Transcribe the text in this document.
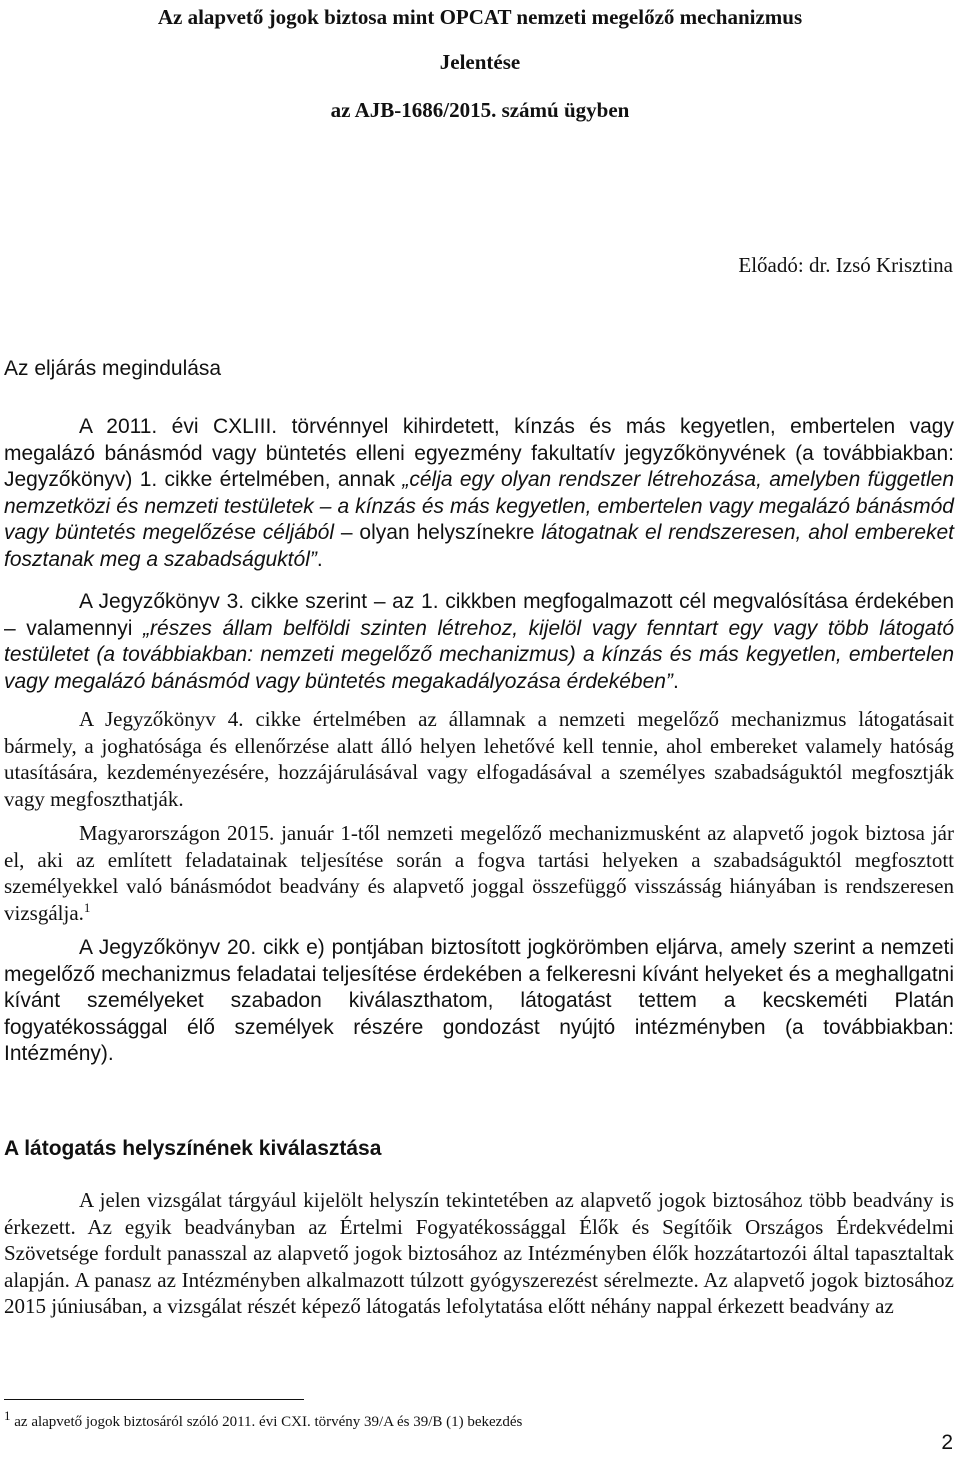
Az alapvető jogok biztosa mint OPCAT nemzeti megelőző mechanizmus
Jelentése
az AJB-1686/2015. számú ügyben
Előadó: dr. Izsó Krisztina
Az eljárás megindulása

A 2011. évi CXLIII. törvénnyel kihirdetett, kínzás és más kegyetlen, embertelen vagy megalázó bánásmód vagy büntetés elleni egyezmény fakultatív jegyzőkönyvének (a továbbiakban: Jegyzőkönyv) 1. cikke értelmében, annak „célja egy olyan rendszer létrehozása, amelyben független nemzetközi és nemzeti testületek – a kínzás és más kegyetlen, embertelen vagy megalázó bánásmód vagy büntetés megelőzése céljából – olyan helyszínekre látogatnak el rendszeresen, ahol embereket fosztanak meg a szabadságuktól”.

A Jegyzőkönyv 3. cikke szerint – az 1. cikkben megfogalmazott cél megvalósítása érdekében – valamennyi „részes állam belföldi szinten létrehoz, kijelöl vagy fenntart egy vagy több látogató testületet (a továbbiakban: nemzeti megelőző mechanizmus) a kínzás és más kegyetlen, embertelen vagy megalázó bánásmód vagy büntetés megakadályozása érdekében”.

A Jegyzőkönyv 4. cikke értelmében az államnak a nemzeti megelőző mechanizmus látogatásait bármely, a joghatósága és ellenőrzése alatt álló helyen lehetővé kell tennie, ahol embereket valamely hatóság utasítására, kezdeményezésére, hozzájárulásával vagy elfogadásával a személyes szabadságuktól megfosztják vagy megfoszthatják.

Magyarországon 2015. január 1-től nemzeti megelőző mechanizmusként az alapvető jogok biztosa jár el, aki az említett feladatainak teljesítése során a fogva tartási helyeken a szabadságuktól megfosztott személyekkel való bánásmódot beadvány és alapvető joggal összefüggő visszásság hiányában is rendszeresen vizsgálja.$^1$

A Jegyzőkönyv 20. cikk e) pontjában biztosított jogkörömben eljárva, amely szerint a nemzeti megelőző mechanizmus feladatai teljesítése érdekében a felkeresni kívánt helyeket és a meghallgatni kívánt személyeket szabadon kiválaszthatom, látogatást tettem a kecskeméti Platán fogyatékossággal élő személyek részére gondozást nyújtó intézményben (a továbbiakban: Intézmény).

A látogatás helyszínének kiválasztása

A jelen vizsgálat tárgyául kijelölt helyszín tekintetében az alapvető jogok biztosához több beadvány is érkezett. Az egyik beadványban az Értelmi Fogyatékossággal Élők és Segítőik Országos Érdekvédelmi Szövetsége fordult panasszal az alapvető jogok biztosához az Intézményben élők hozzátartozói által tapasztaltak alapján. A panasz az Intézményben alkalmazott túlzott gyógyszerezést sérelmezte. Az alapvető jogok biztosához 2015 júniusában, a vizsgálat részét képező látogatás lefolytatása előtt néhány nappal érkezett beadvány az

1 az alapvető jogok biztosáról szóló 2011. évi CXI. törvény 39/A és 39/B (1) bekezdés
2
